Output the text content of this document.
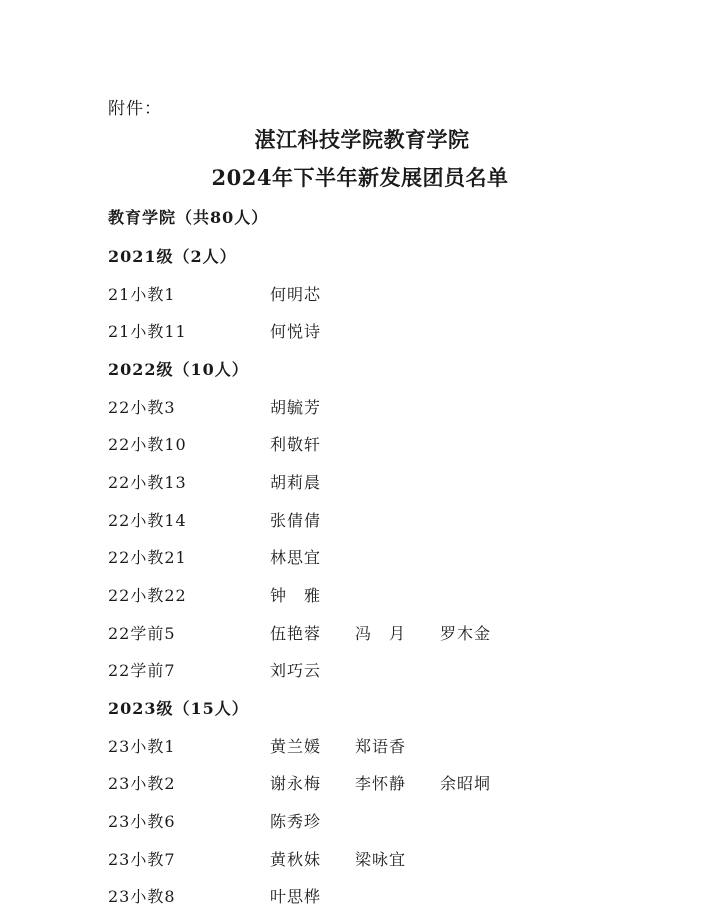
附件：
湛江科技学院教育学院
2024年下半年新发展团员名单
教育学院（共80人）
2021级（2人）
21小教1	何明芯
21小教11	何悦诗
2022级（10人）
22小教3	胡毓芳
22小教10	利敬轩
22小教13	胡莉晨
22小教14	张倩倩
22小教21	林思宜
22小教22	钟　雅
22学前5	伍艳蓉 冯　月 罗木金
22学前7	刘巧云
2023级（15人）
23小教1	黄兰媛 郑语香
23小教2	谢永梅 李怀静 余昭垌
23小教6	陈秀珍
23小教7	黄秋妹 梁咏宜
23小教8	叶思桦
